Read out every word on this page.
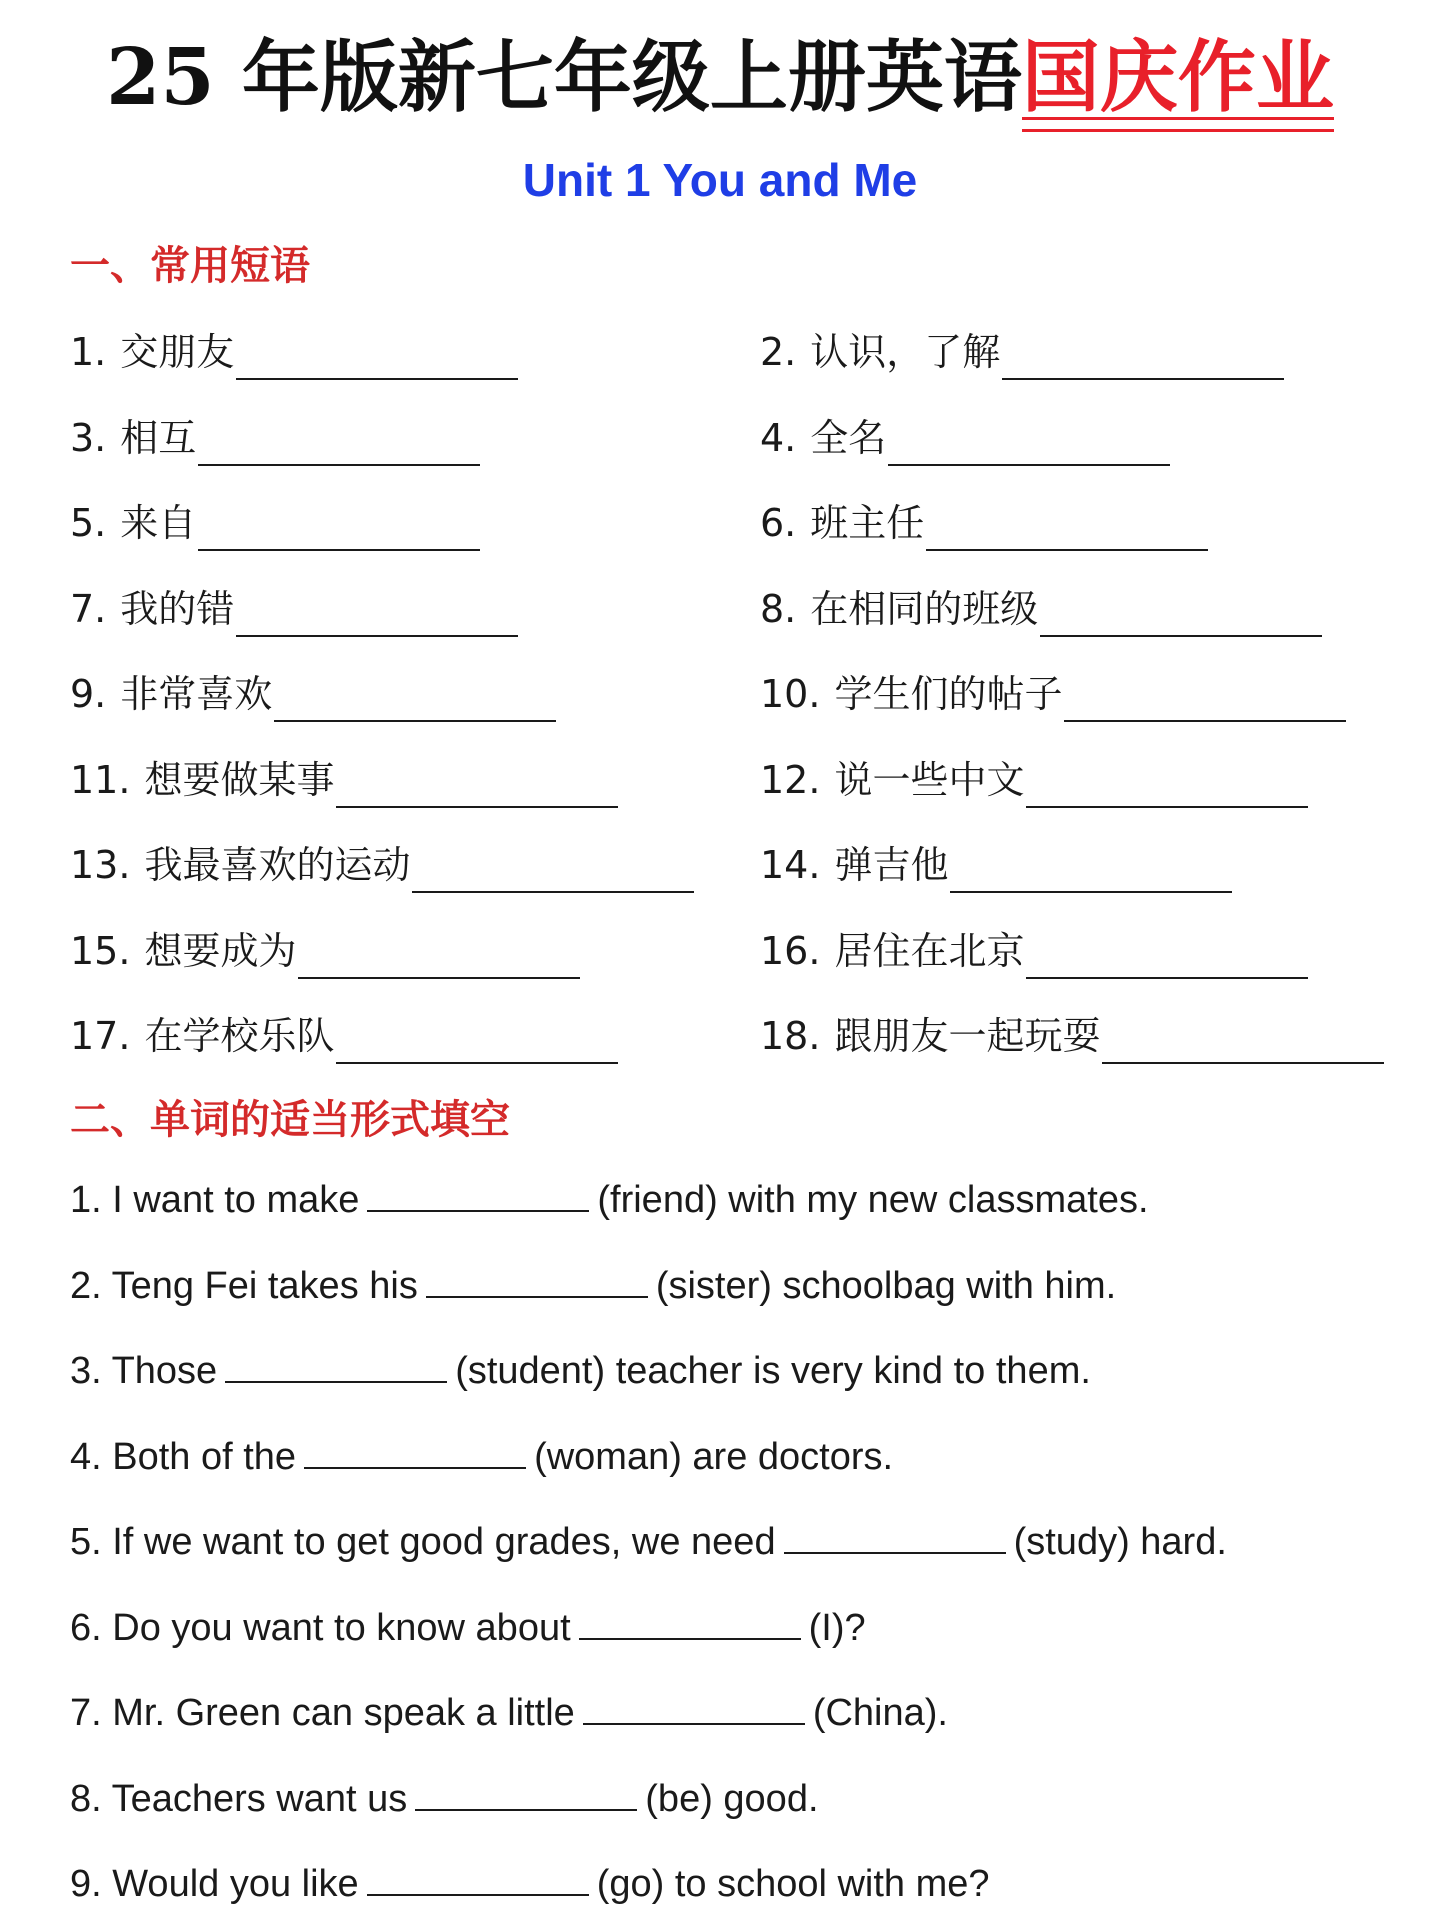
25 年版新七年级上册英语国庆作业
Unit 1 You and Me
一、常用短语
1. 交朋友	2. 认识，了解
3. 相互	4. 全名
5. 来自	6. 班主任
7. 我的错	8. 在相同的班级
9. 非常喜欢	10. 学生们的帖子
11. 想要做某事	12. 说一些中文
13. 我最喜欢的运动	14. 弹吉他
15. 想要成为	16. 居住在北京
17. 在学校乐队	18. 跟朋友一起玩耍
二、单词的适当形式填空
1. I want to make	(friend) with my new classmates.
2. Teng Fei takes his	(sister) schoolbag with him.
3. Those	(student) teacher is very kind to them.
4. Both of the	(woman) are doctors.
5. If we want to get good grades, we need	(study) hard.
6. Do you want to know about	(I)?
7. Mr. Green can speak a little	(China).
8. Teachers want us	(be) good.
9. Would you like	(go) to school with me?
